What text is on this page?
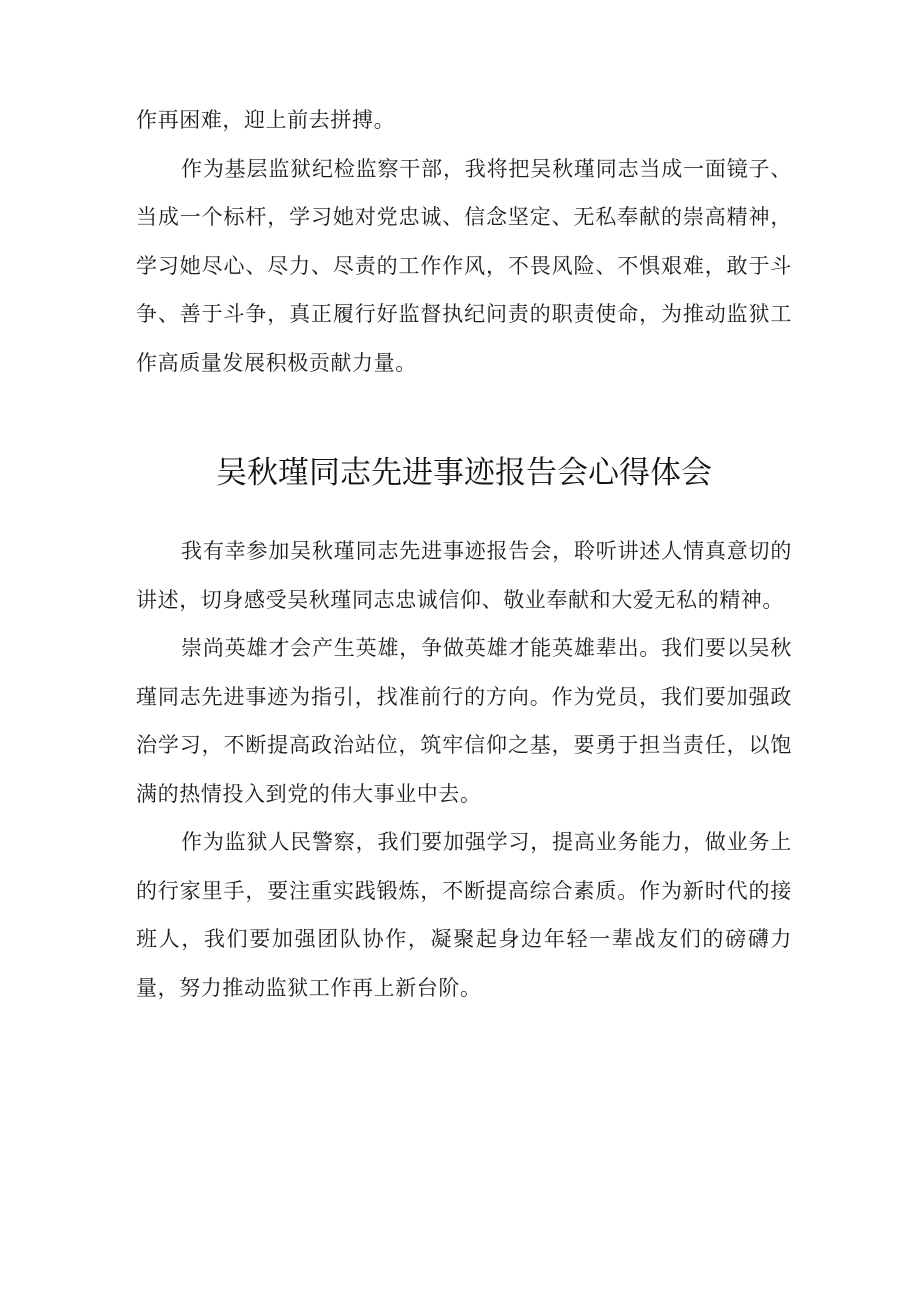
作再困难，迎上前去拼搏。

作为基层监狱纪检监察干部，我将把吴秋瑾同志当成一面镜子、当成一个标杆，学习她对党忠诚、信念坚定、无私奉献的崇高精神，学习她尽心、尽力、尽责的工作作风，不畏风险、不惧艰难，敢于斗争、善于斗争，真正履行好监督执纪问责的职责使命，为推动监狱工作高质量发展积极贡献力量。

吴秋瑾同志先进事迹报告会心得体会

我有幸参加吴秋瑾同志先进事迹报告会，聆听讲述人情真意切的讲述，切身感受吴秋瑾同志忠诚信仰、敬业奉献和大爱无私的精神。

崇尚英雄才会产生英雄，争做英雄才能英雄辈出。我们要以吴秋瑾同志先进事迹为指引，找准前行的方向。作为党员，我们要加强政治学习，不断提高政治站位，筑牢信仰之基，要勇于担当责任，以饱满的热情投入到党的伟大事业中去。

作为监狱人民警察，我们要加强学习，提高业务能力，做业务上的行家里手，要注重实践锻炼，不断提高综合素质。作为新时代的接班人，我们要加强团队协作，凝聚起身边年轻一辈战友们的磅礴力量，努力推动监狱工作再上新台阶。
